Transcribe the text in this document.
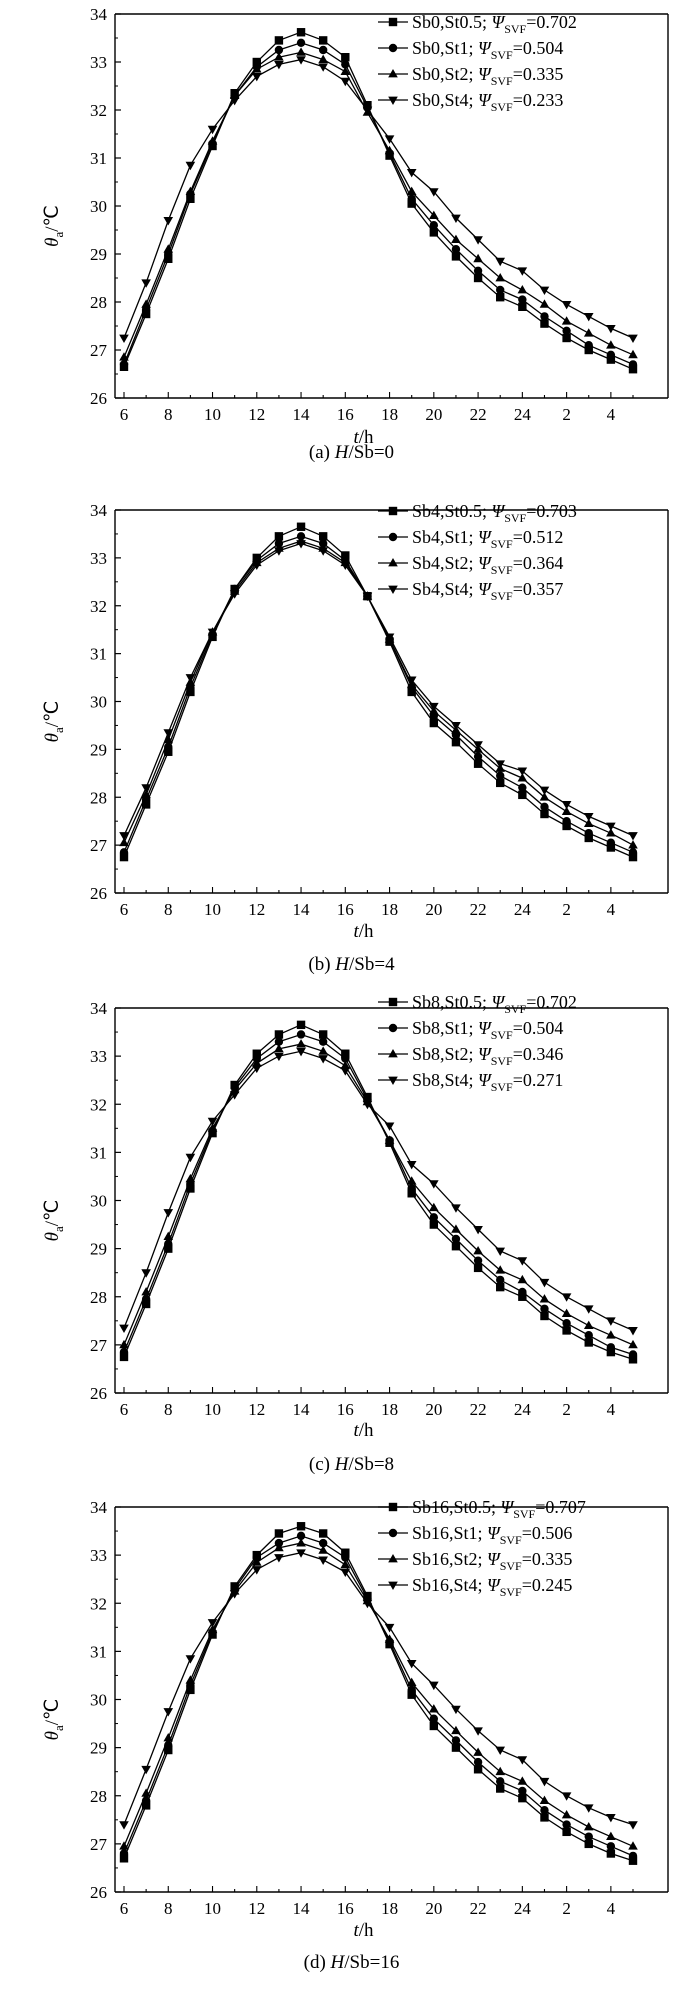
26
27
28
29
30
31
32
33
34
6 8 10 12 14 16 18 20 22 24 2 4
$\theta_a/℃$
t/h
Sb0,St0.5; $\Psi_{SVF}=0.702$
Sb0,St1; $\Psi_{SVF}=0.504$
Sb0,St2; $\Psi_{SVF}=0.335$
Sb0,St4; $\Psi_{SVF}=0.233$
(a) H/Sb=0
26
27
28
29
30
31
32
33
34
6 8 10 12 14 16 18 20 22 24 2 4
$\theta_a/℃$
t/h
Sb4,St0.5; $\Psi_{SVF}=0.703$
Sb4,St1; $\Psi_{SVF}=0.512$
Sb4,St2; $\Psi_{SVF}=0.364$
Sb4,St4; $\Psi_{SVF}=0.357$
(b) H/Sb=4
26
27
28
29
30
31
32
33
34
6 8 10 12 14 16 18 20 22 24 2 4
$\theta_a/℃$
t/h
Sb8,St0.5; $\Psi_{SVF}=0.702$
Sb8,St1; $\Psi_{SVF}=0.504$
Sb8,St2; $\Psi_{SVF}=0.346$
Sb8,St4; $\Psi_{SVF}=0.271$
(c) H/Sb=8
26
27
28
29
30
31
32
33
34
6 8 10 12 14 16 18 20 22 24 2 4
$\theta_a/℃$
t/h
Sb16,St0.5; $\Psi_{SVF}=0.707$
Sb16,St1; $\Psi_{SVF}=0.506$
Sb16,St2; $\Psi_{SVF}=0.335$
Sb16,St4; $\Psi_{SVF}=0.245$
(d) H/Sb=16
